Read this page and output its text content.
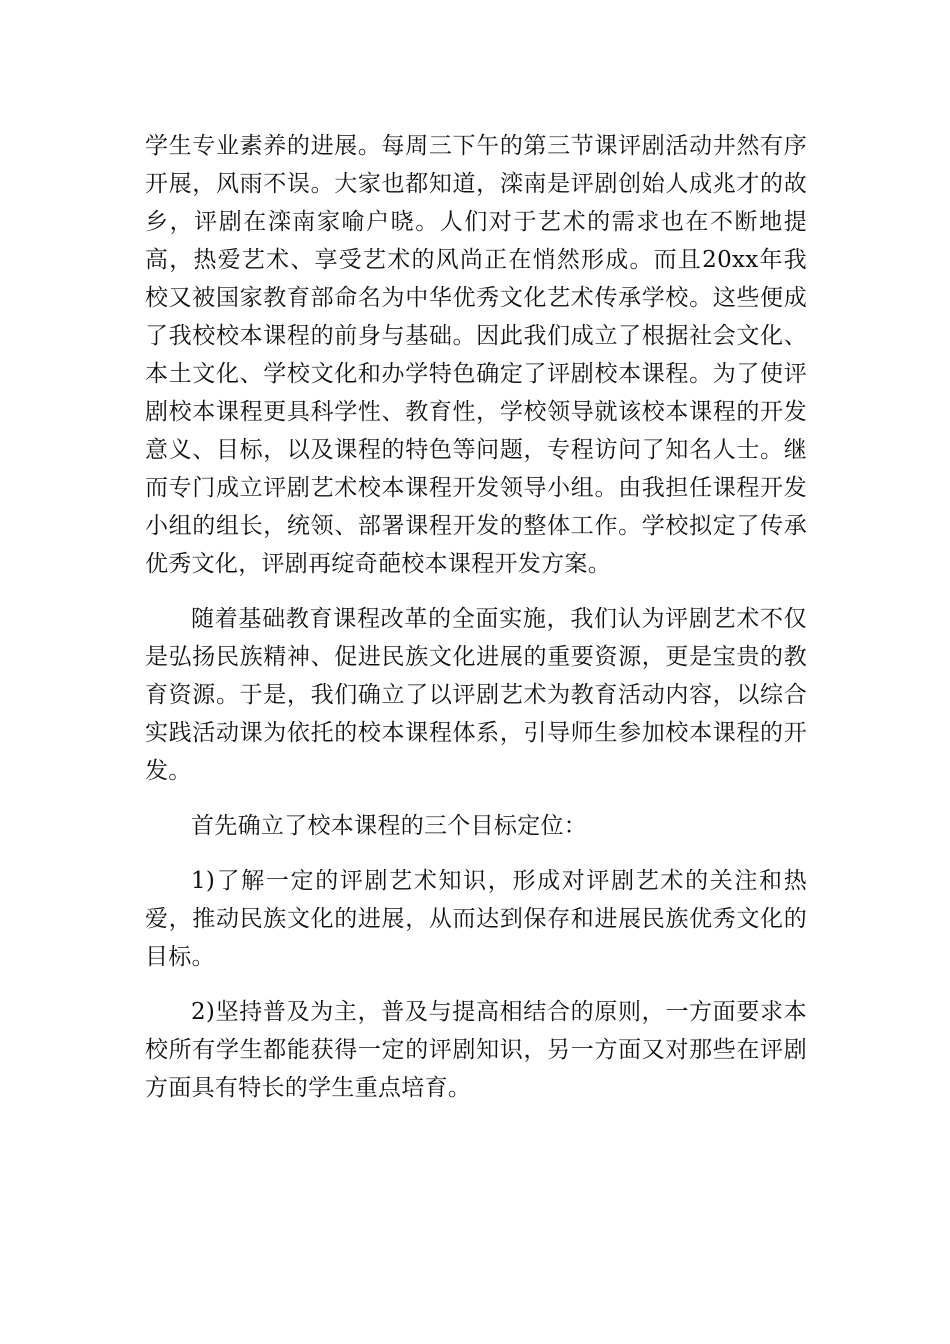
学生专业素养的进展。每周三下午的第三节课评剧活动井然有序开展，风雨不误。大家也都知道，滦南是评剧创始人成兆才的故乡，评剧在滦南家喻户晓。人们对于艺术的需求也在不断地提高，热爱艺术、享受艺术的风尚正在悄然形成。而且20xx年我校又被国家教育部命名为中华优秀文化艺术传承学校。这些便成了我校校本课程的前身与基础。因此我们成立了根据社会文化、本土文化、学校文化和办学特色确定了评剧校本课程。为了使评剧校本课程更具科学性、教育性，学校领导就该校本课程的开发意义、目标，以及课程的特色等问题，专程访问了知名人士。继而专门成立评剧艺术校本课程开发领导小组。由我担任课程开发小组的组长，统领、部署课程开发的整体工作。学校拟定了传承优秀文化，评剧再绽奇葩校本课程开发方案。

随着基础教育课程改革的全面实施，我们认为评剧艺术不仅是弘扬民族精神、促进民族文化进展的重要资源，更是宝贵的教育资源。于是，我们确立了以评剧艺术为教育活动内容，以综合实践活动课为依托的校本课程体系，引导师生参加校本课程的开发。

首先确立了校本课程的三个目标定位：

1)了解一定的评剧艺术知识，形成对评剧艺术的关注和热爱，推动民族文化的进展，从而达到保存和进展民族优秀文化的目标。

2)坚持普及为主，普及与提高相结合的原则，一方面要求本校所有学生都能获得一定的评剧知识，另一方面又对那些在评剧方面具有特长的学生重点培育。
